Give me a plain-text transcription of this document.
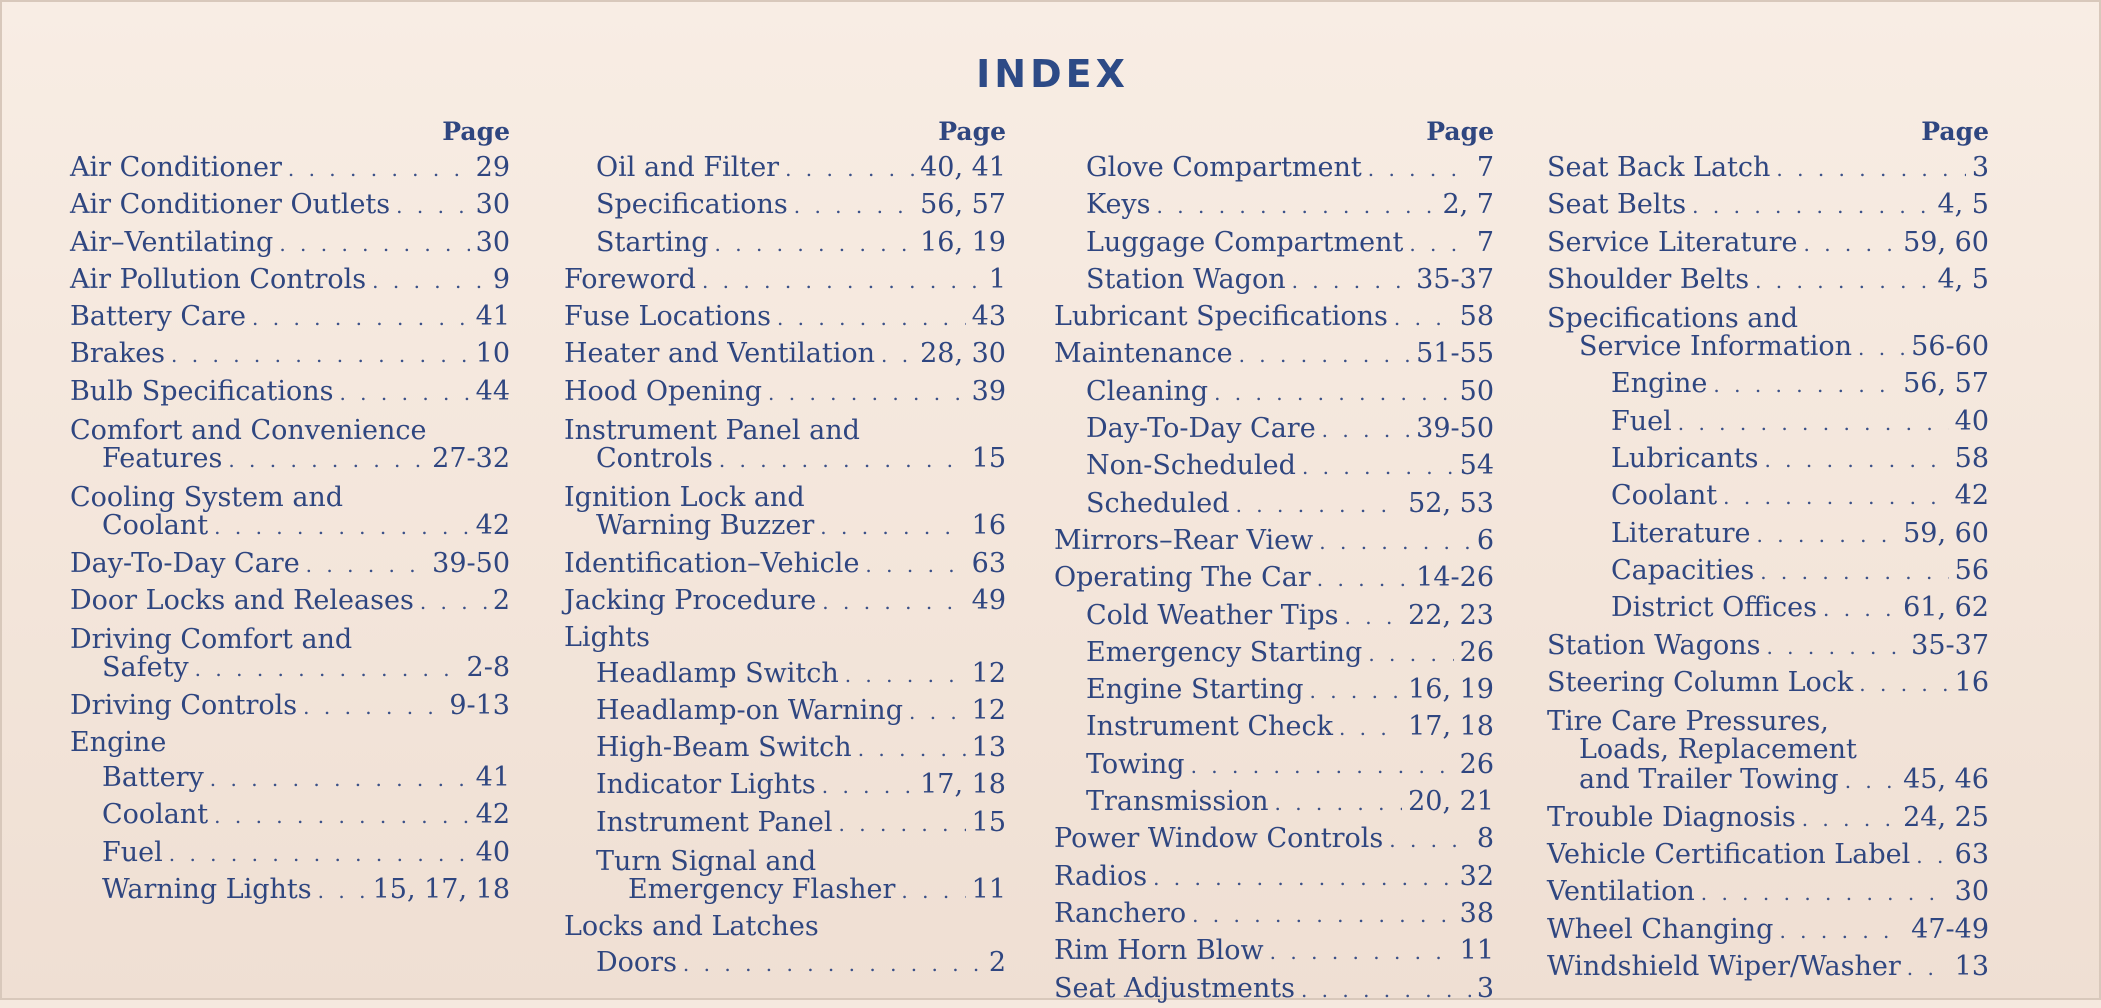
INDEX
Page
Air Conditioner . . .	29
Air Conditioner Outlets . . .	30
Air–Ventilating . . .	30
Air Pollution Controls . . .	9
Battery Care . . .	41
Brakes . . .	10
Bulb Specifications . . .	44
Comfort and Convenience
Features . . .	27-32
Cooling System and
Coolant . . .	42
Day-To-Day Care . . .	39-50
Door Locks and Releases . . .	2
Driving Comfort and
Safety . . .	2-8
Driving Controls . . .	9-13
Engine
Battery . . .	41
Coolant . . .	42
Fuel . . .	40
Warning Lights . . . 15, 17, 18
Page
Oil and Filter . . .	40, 41
Specifications . . .	56, 57
Starting . . .	16, 19
Foreword . . .	1
Fuse Locations . . .	43
Heater and Ventilation . . . 28, 30
Hood Opening . . .	39
Instrument Panel and
Controls . . .	15
Ignition Lock and
Warning Buzzer . . .	16
Identification–Vehicle . . .	63
Jacking Procedure . . .	49
Lights
Headlamp Switch . . .	12
Headlamp-on Warning . . .	12
High-Beam Switch . . .	13
Indicator Lights . . .	17, 18
Instrument Panel . . .	15
Turn Signal and
Emergency Flasher . . .	11
Locks and Latches
Doors . . .	2
Page
Glove Compartment . . .	7
Keys . . .	2, 7
Luggage Compartment . . .	7
Station Wagon . . .	35-37
Lubricant Specifications . . .	58
Maintenance . . .	51-55
Cleaning . . .	50
Day-To-Day Care . . .	39-50
Non-Scheduled . . .	54
Scheduled . . .	52, 53
Mirrors–Rear View . . .	6
Operating The Car . . .	14-26
Cold Weather Tips . . .	22, 23
Emergency Starting . . .	26
Engine Starting . . .	16, 19
Instrument Check . . .	17, 18
Towing . . .	26
Transmission . . .	20, 21
Power Window Controls . . .	8
Radios . . .	32
Ranchero . . .	38
Rim Horn Blow . . .	11
Seat Adjustments . . .	3
Page
Seat Back Latch . . .	3
Seat Belts . . .	4, 5
Service Literature . . .	59, 60
Shoulder Belts . . .	4, 5
Specifications and
Service Information . . . 56-60
Engine . . .	56, 57
Fuel . . .	40
Lubricants . . .	58
Coolant . . .	42
Literature . . .	59, 60
Capacities . . .	56
District Offices . . .	61, 62
Station Wagons . . .	35-37
Steering Column Lock . . .	16
Tire Care Pressures,
Loads, Replacement
and Trailer Towing . . . 45, 46
Trouble Diagnosis . . .	24, 25
Vehicle Certification Label . . . 63
Ventilation . . .	30
Wheel Changing . . .	47-49
Windshield Wiper/Washer . . . 13
